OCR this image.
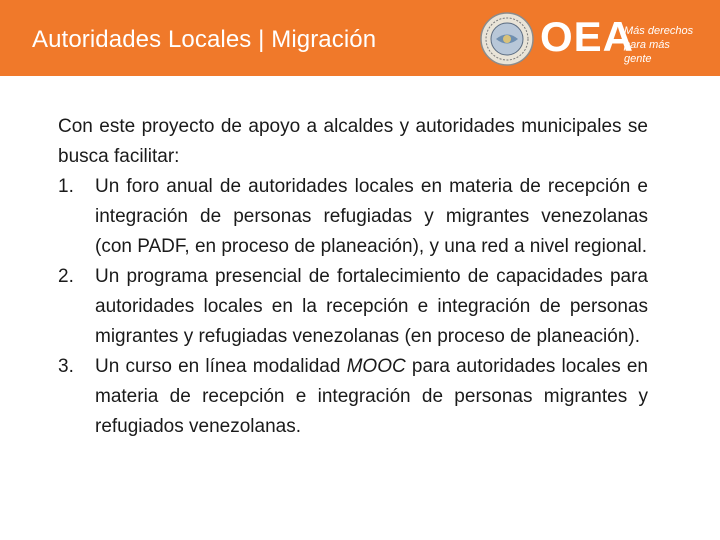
Autoridades Locales | Migración	OEA
Más derechos
para más gente
Con este proyecto de apoyo a alcaldes y autoridades municipales se busca facilitar:
1.	Un foro anual de autoridades locales en materia de recepción e integración de personas refugiadas y migrantes venezolanas (con PADF, en proceso de planeación), y una red a nivel regional.
2.	Un programa presencial de fortalecimiento de capacidades para autoridades locales en la recepción e integración de personas migrantes y refugiadas venezolanas (en proceso de planeación).
3.	Un curso en línea modalidad MOOC para autoridades locales en materia de recepción e integración de personas migrantes y refugiados venezolanas.
